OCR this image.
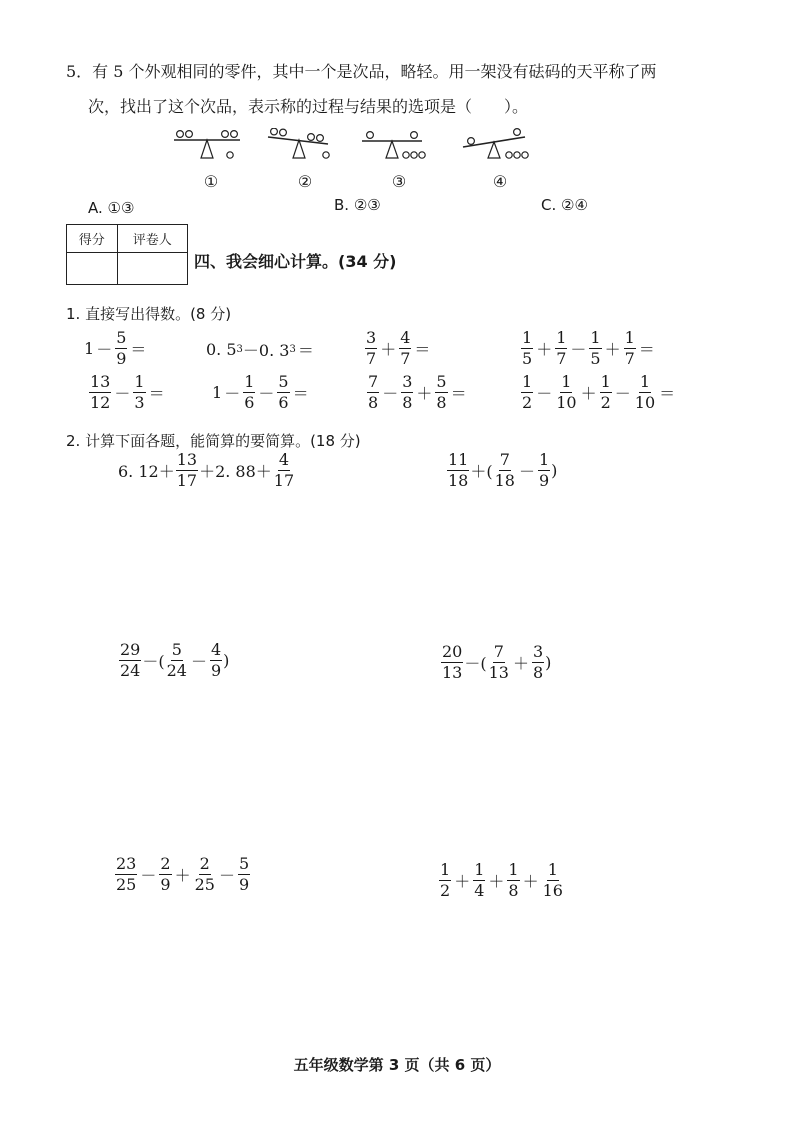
5．有 5 个外观相同的零件，其中一个是次品，略轻。用一架没有砝码的天平称了两
次，找出了这个次品，表示称的过程与结果的选项是（　　）。
①	②	③	④
A. ①③	B. ②③	C. ②④
得分	评卷人

四、我会细心计算。(34 分)
1. 直接写出得数。(8 分)
$1 - \frac{5}{9}$ ＝	0. 5 3 －0. 3 3 ＝	$\frac{3}{7} + \frac{4}{7}$ ＝	$\frac{1}{5} + \frac{1}{7} - \frac{1}{5} + \frac{1}{7}$ ＝
$\frac{13}{12} - \frac{1}{3}$ ＝	$1 - \frac{1}{6} - \frac{5}{6}$ ＝	$\frac{7}{8} - \frac{3}{8} + \frac{5}{8}$ ＝	$\frac{1}{2} - \frac{1}{10} + \frac{1}{2} - \frac{1}{10}$ ＝
2. 计算下面各题，能简算的要简算。(18 分)
6. $12+ \frac{13}{17} +2$. $88+ \frac{4}{17}$	$\frac{11}{18}$ ＋( $\frac{7}{18} - \frac{1}{9}$ )
$\frac{29}{24}$ －( $\frac{5}{24} - \frac{4}{9}$ )	$\frac{20}{13}$ －( $\frac{7}{13} + \frac{3}{8}$ )
$\frac{23}{25} - \frac{2}{9} + \frac{2}{25} - \frac{5}{9}$	$\frac{1}{2} + \frac{1}{4} + \frac{1}{8} + \frac{1}{16}$
五年级数学第 3 页（共 6 页）
